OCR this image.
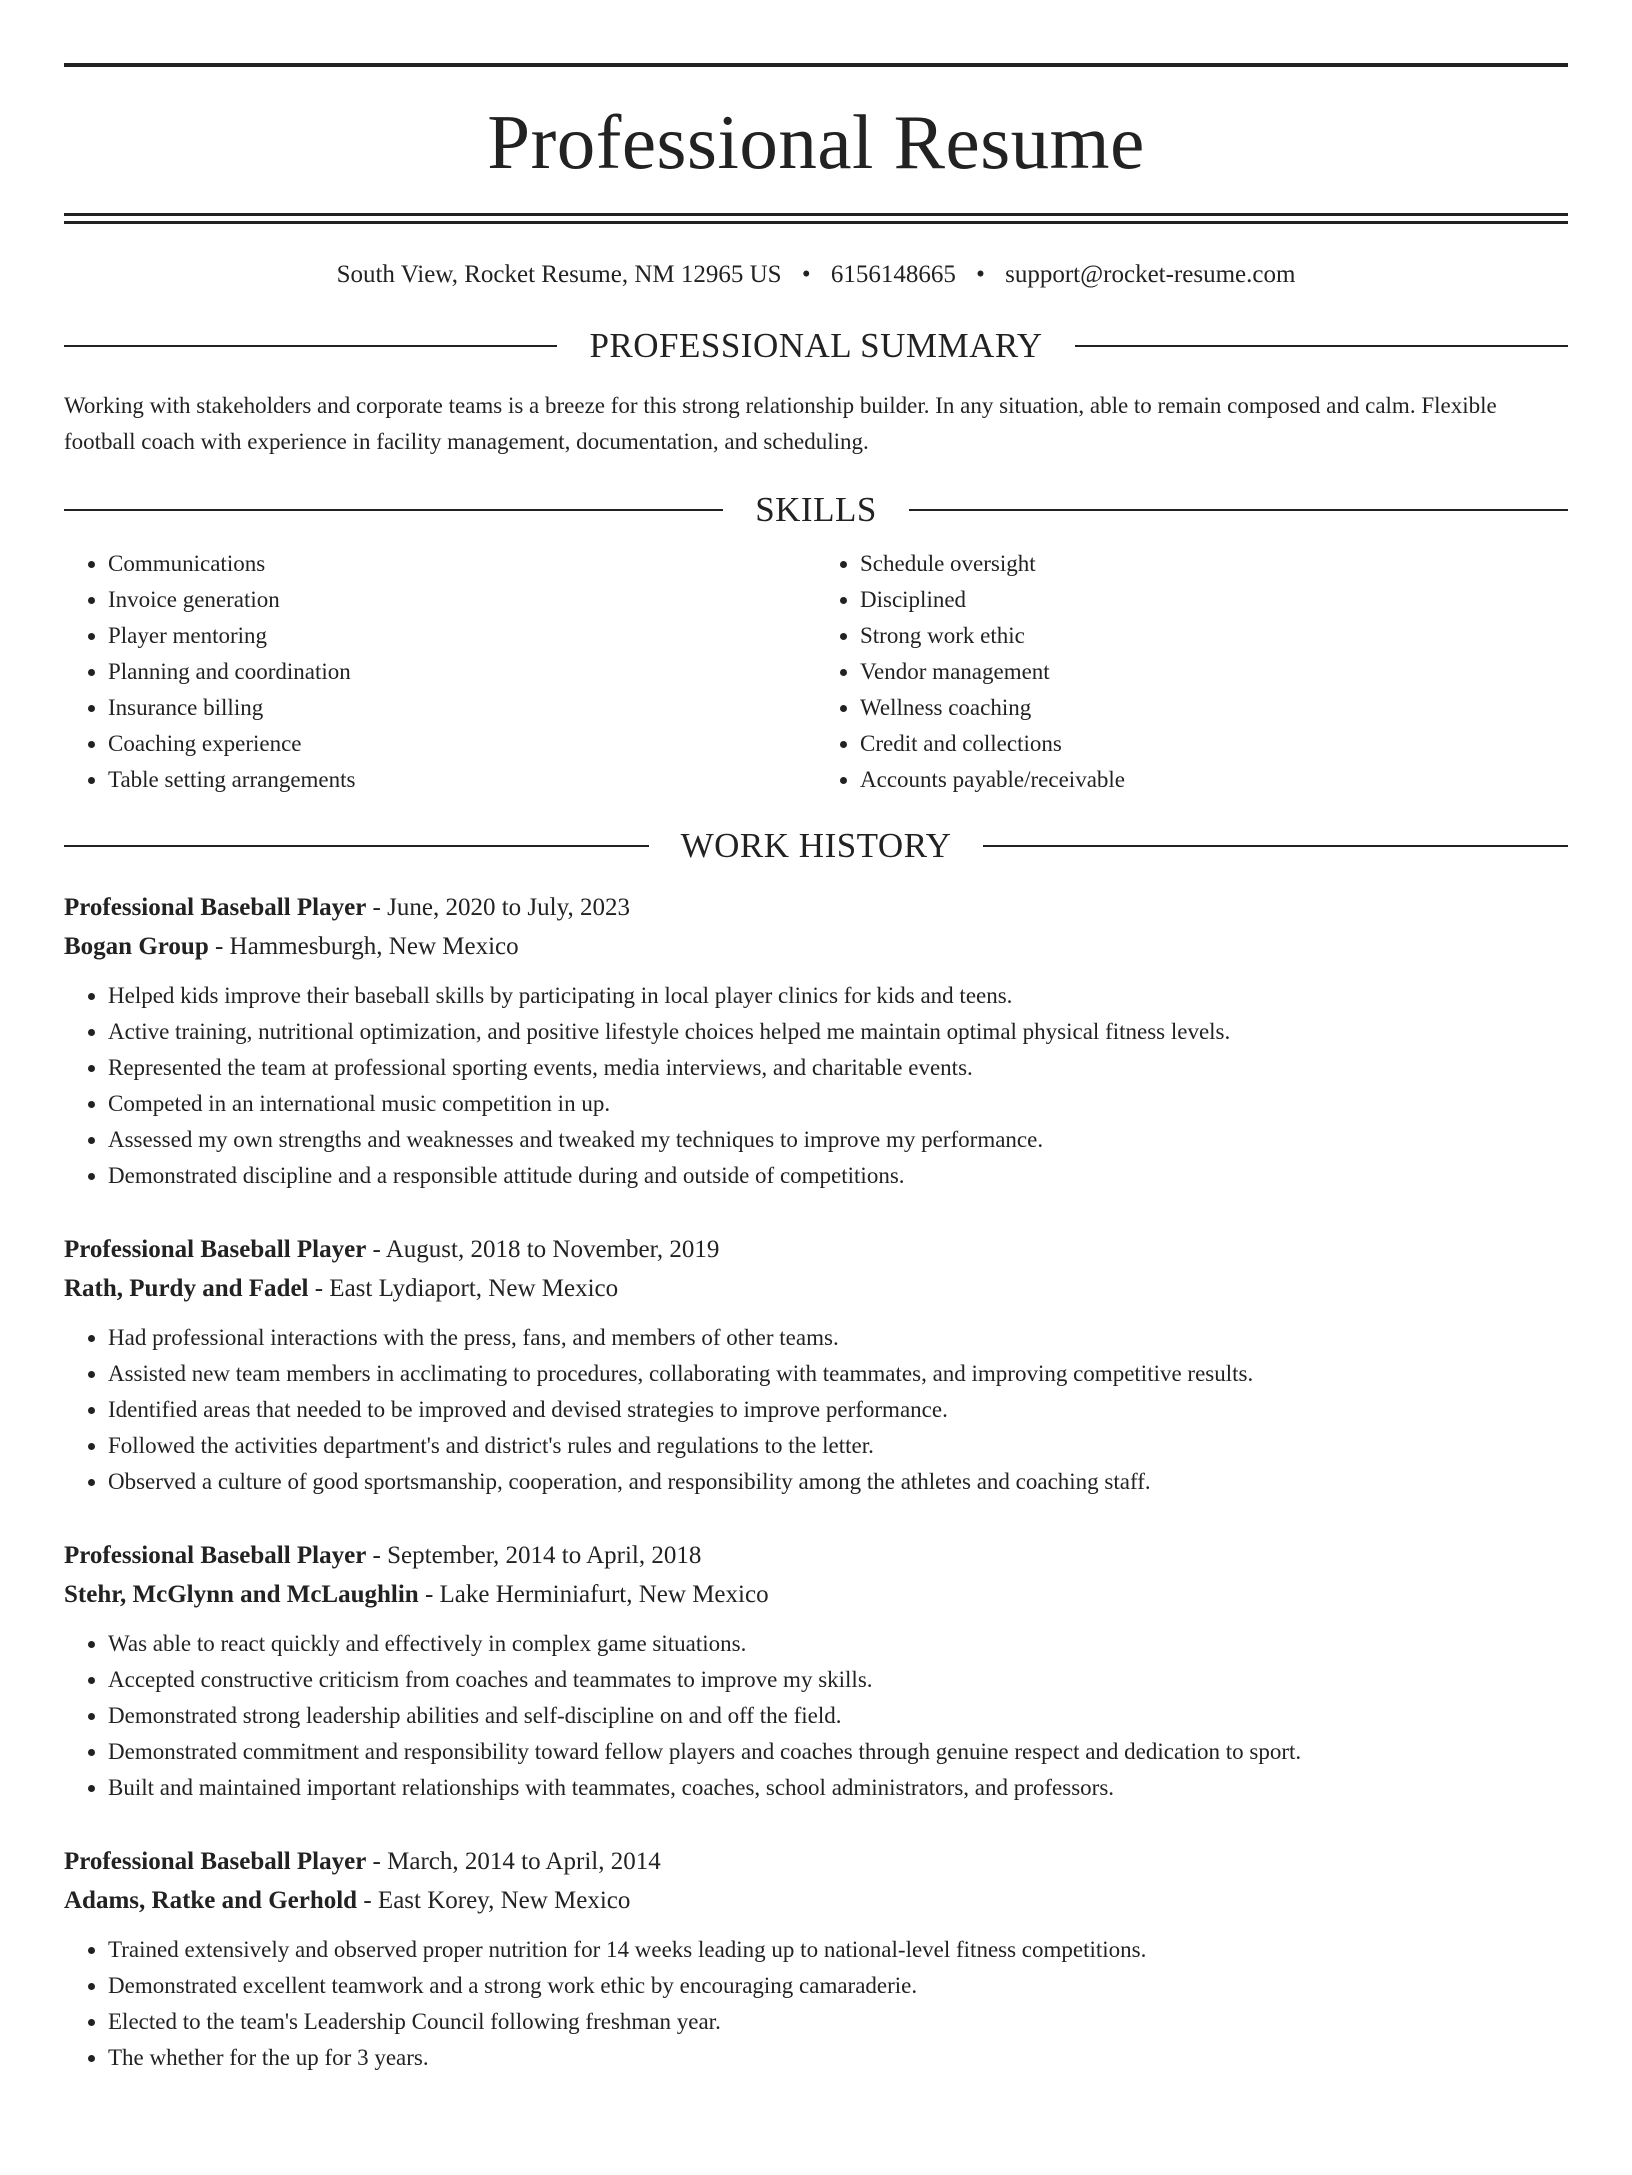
Professional Resume
South View, Rocket Resume, NM 12965 US • 6156148665 • support@rocket-resume.com
PROFESSIONAL SUMMARY
Working with stakeholders and corporate teams is a breeze for this strong relationship builder. In any situation, able to remain composed and calm. Flexible football coach with experience in facility management, documentation, and scheduling.
SKILLS
• Communications
• Invoice generation
• Player mentoring
• Planning and coordination
• Insurance billing
• Coaching experience
• Table setting arrangements
• Schedule oversight
• Disciplined
• Strong work ethic
• Vendor management
• Wellness coaching
• Credit and collections
• Accounts payable/receivable
WORK HISTORY
Professional Baseball Player - June, 2020 to July, 2023
Bogan Group - Hammesburgh, New Mexico
• Helped kids improve their baseball skills by participating in local player clinics for kids and teens.
• Active training, nutritional optimization, and positive lifestyle choices helped me maintain optimal physical fitness levels.
• Represented the team at professional sporting events, media interviews, and charitable events.
• Competed in an international music competition in up.
• Assessed my own strengths and weaknesses and tweaked my techniques to improve my performance.
• Demonstrated discipline and a responsible attitude during and outside of competitions.
Professional Baseball Player - August, 2018 to November, 2019
Rath, Purdy and Fadel - East Lydiaport, New Mexico
• Had professional interactions with the press, fans, and members of other teams.
• Assisted new team members in acclimating to procedures, collaborating with teammates, and improving competitive results.
• Identified areas that needed to be improved and devised strategies to improve performance.
• Followed the activities department's and district's rules and regulations to the letter.
• Observed a culture of good sportsmanship, cooperation, and responsibility among the athletes and coaching staff.
Professional Baseball Player - September, 2014 to April, 2018
Stehr, McGlynn and McLaughlin - Lake Herminiafurt, New Mexico
• Was able to react quickly and effectively in complex game situations.
• Accepted constructive criticism from coaches and teammates to improve my skills.
• Demonstrated strong leadership abilities and self-discipline on and off the field.
• Demonstrated commitment and responsibility toward fellow players and coaches through genuine respect and dedication to sport.
• Built and maintained important relationships with teammates, coaches, school administrators, and professors.
Professional Baseball Player - March, 2014 to April, 2014
Adams, Ratke and Gerhold - East Korey, New Mexico
• Trained extensively and observed proper nutrition for 14 weeks leading up to national-level fitness competitions.
• Demonstrated excellent teamwork and a strong work ethic by encouraging camaraderie.
• Elected to the team's Leadership Council following freshman year.
• The whether for the up for 3 years.
